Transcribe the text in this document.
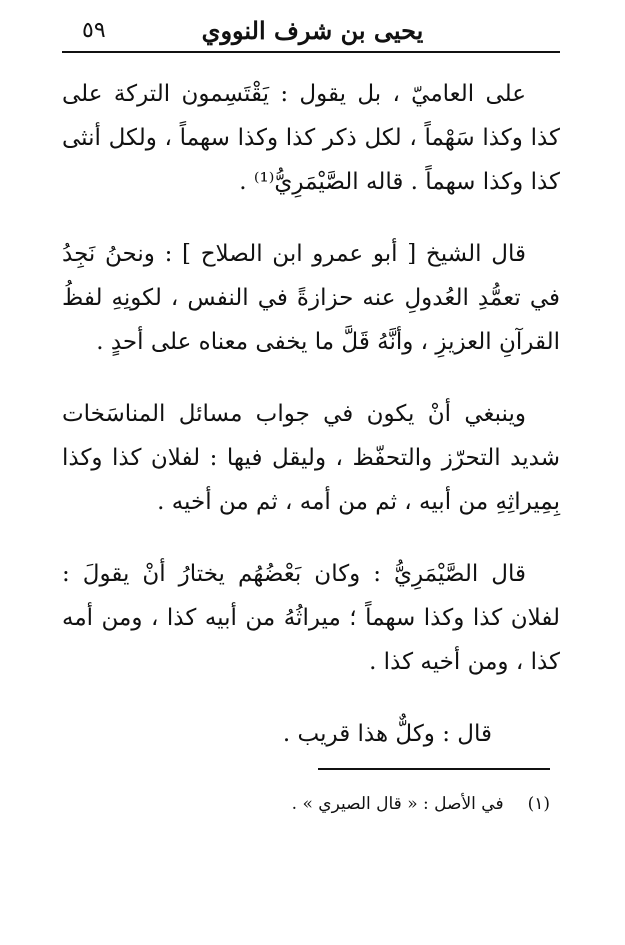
يحيى بن شرف النووي
٥٩

على العاميّ ، بل يقول : يَقْتَسِمون التركة على كذا وكذا سَهْماً ، لكل ذكر كذا وكذا سهماً ، ولكل أنثى كذا وكذا سهماً . قاله الصَّيْمَرِيُّ⁽¹⁾ .

قال الشيخ [ أبو عمرو ابن الصلاح ] : ونحنُ نَجِدُ في تعمُّدِ العُدولِ عنه حزازةً في النفس ، لكونِهِ لفظُ القرآنِ العزيزِ ، وأنَّهُ قَلَّ ما يخفى معناه على أحدٍ .

وينبغي أنْ يكون في جواب مسائل المناسَخات شديد التحرّز والتحفّظ ، وليقل فيها : لفلان كذا وكذا بِمِيراثِهِ من أبيه ، ثم من أمه ، ثم من أخيه .

قال الصَّيْمَرِيُّ : وكان بَعْضُهُم يختارُ أنْ يقولَ : لفلان كذا وكذا سهماً ؛ ميراثُهُ من أبيه كذا ، ومن أمه كذا ، ومن أخيه كذا .

قال : وكلٌّ هذا قريب .

(١)
في الأصل : « قال الصيري » .
